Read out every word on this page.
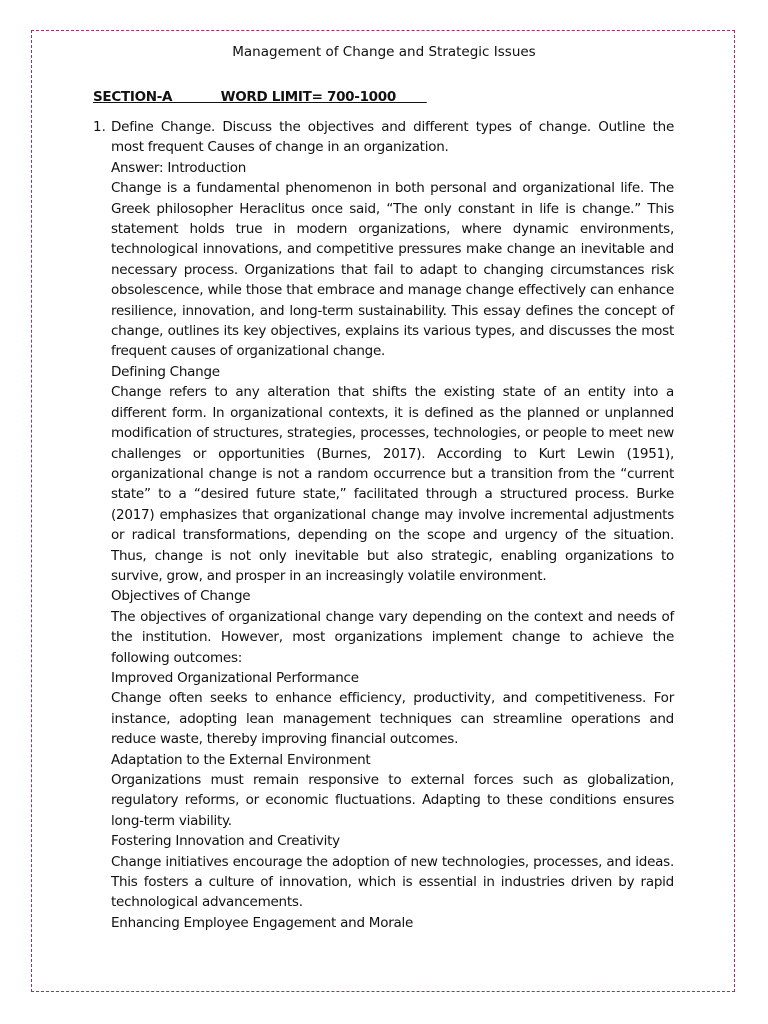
Management of Change and Strategic Issues
SECTION-A           WORD LIMIT= 700-1000
1. Define Change. Discuss the objectives and different types of change. Outline the most frequent Causes of change in an organization.

Answer: Introduction

Change is a fundamental phenomenon in both personal and organizational life. The Greek philosopher Heraclitus once said, “The only constant in life is change.” This statement holds true in modern organizations, where dynamic environments, technological innovations, and competitive pressures make change an inevitable and necessary process. Organizations that fail to adapt to changing circumstances risk obsolescence, while those that embrace and manage change effectively can enhance resilience, innovation, and long-term sustainability. This essay defines the concept of change, outlines its key objectives, explains its various types, and discusses the most frequent causes of organizational change.

Defining Change

Change refers to any alteration that shifts the existing state of an entity into a different form. In organizational contexts, it is defined as the planned or unplanned modification of structures, strategies, processes, technologies, or people to meet new challenges or opportunities (Burnes, 2017). According to Kurt Lewin (1951), organizational change is not a random occurrence but a transition from the “current state” to a “desired future state,” facilitated through a structured process. Burke (2017) emphasizes that organizational change may involve incremental adjustments or radical transformations, depending on the scope and urgency of the situation. Thus, change is not only inevitable but also strategic, enabling organizations to survive, grow, and prosper in an increasingly volatile environment.

Objectives of Change

The objectives of organizational change vary depending on the context and needs of the institution. However, most organizations implement change to achieve the following outcomes:

Improved Organizational Performance

Change often seeks to enhance efficiency, productivity, and competitiveness. For instance, adopting lean management techniques can streamline operations and reduce waste, thereby improving financial outcomes.

Adaptation to the External Environment

Organizations must remain responsive to external forces such as globalization, regulatory reforms, or economic fluctuations. Adapting to these conditions ensures long-term viability.

Fostering Innovation and Creativity

Change initiatives encourage the adoption of new technologies, processes, and ideas. This fosters a culture of innovation, which is essential in industries driven by rapid technological advancements.

Enhancing Employee Engagement and Morale
